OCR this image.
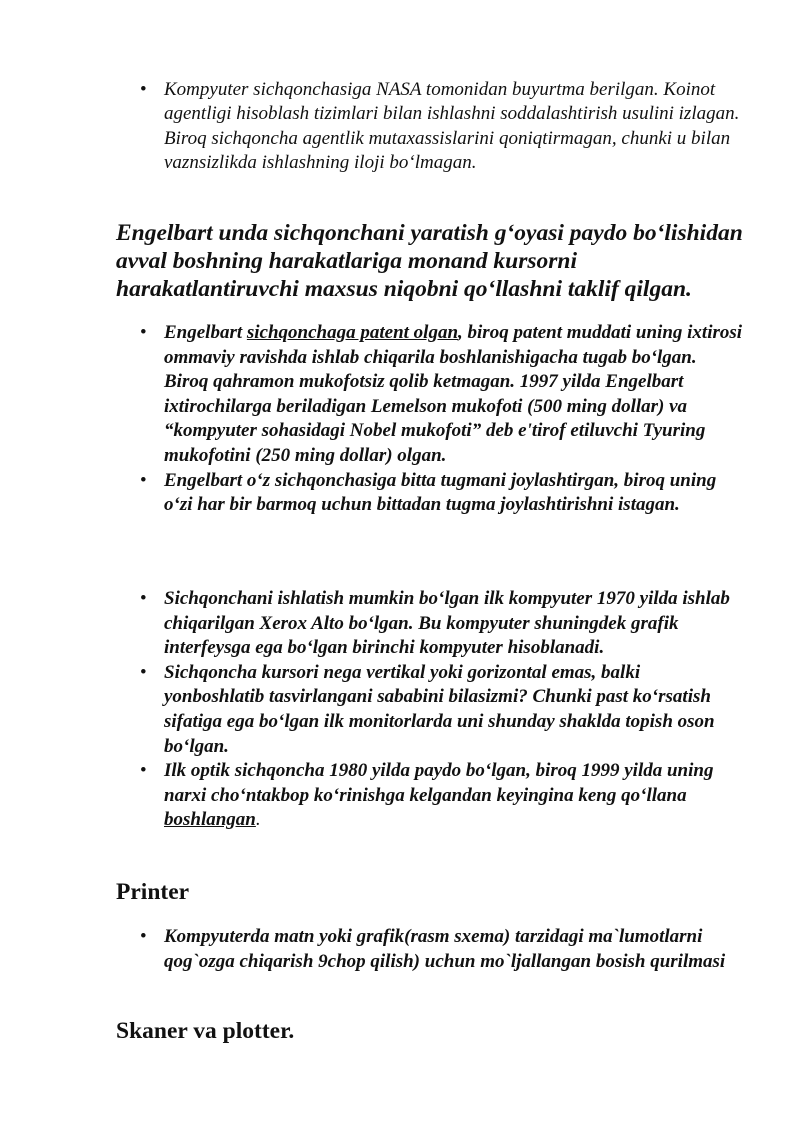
• Kompyuter sichqonchasiga NASA tomonidan buyurtma berilgan. Koinot agentligi hisoblash tizimlari bilan ishlashni soddalashtirish usulini izlagan. Biroq sichqoncha agentlik mutaxassislarini qoniqtirmagan, chunki u bilan vaznsizlikda ishlashning iloji bo‘lmagan.
Engelbart unda sichqonchani yaratish g‘oyasi paydo bo‘lishidan avval boshning harakatlariga monand kursorni harakatlantiruvchi maxsus niqobni qo‘llashni taklif qilgan.
• Engelbart sichqonchaga patent olgan, biroq patent muddati uning ixtirosi ommaviy ravishda ishlab chiqarila boshlanishigacha tugab bo‘lgan. Biroq qahramon mukofotsiz qolib ketmagan. 1997 yilda Engelbart ixtirochilarga beriladigan Lemelson mukofoti (500 ming dollar) va “kompyuter sohasidagi Nobel mukofoti” deb e'tirof etiluvchi Tyuring mukofotini (250 ming dollar) olgan.
• Engelbart o‘z sichqonchasiga bitta tugmani joylashtirgan, biroq uning o‘zi har bir barmoq uchun bittadan tugma joylashtirishni istagan.
• Sichqonchani ishlatish mumkin bo‘lgan ilk kompyuter 1970 yilda ishlab chiqarilgan Xerox Alto bo‘lgan. Bu kompyuter shuningdek grafik interfeysga ega bo‘lgan birinchi kompyuter hisoblanadi.
• Sichqoncha kursori nega vertikal yoki gorizontal emas, balki yonboshlatib tasvirlangani sababini bilasizmi? Chunki past ko‘rsatish sifatiga ega bo‘lgan ilk monitorlarda uni shunday shaklda topish oson bo‘lgan.
• Ilk optik sichqoncha 1980 yilda paydo bo‘lgan, biroq 1999 yilda uning narxi cho‘ntakbop ko‘rinishga kelgandan keyingina keng qo‘llana boshlangan.
Printer
• Kompyuterda matn yoki grafik(rasm sxema) tarzidagi ma`lumotlarni qog`ozga chiqarish 9chop qilish) uchun mo`ljallangan bosish qurilmasi
Skaner va plotter.
